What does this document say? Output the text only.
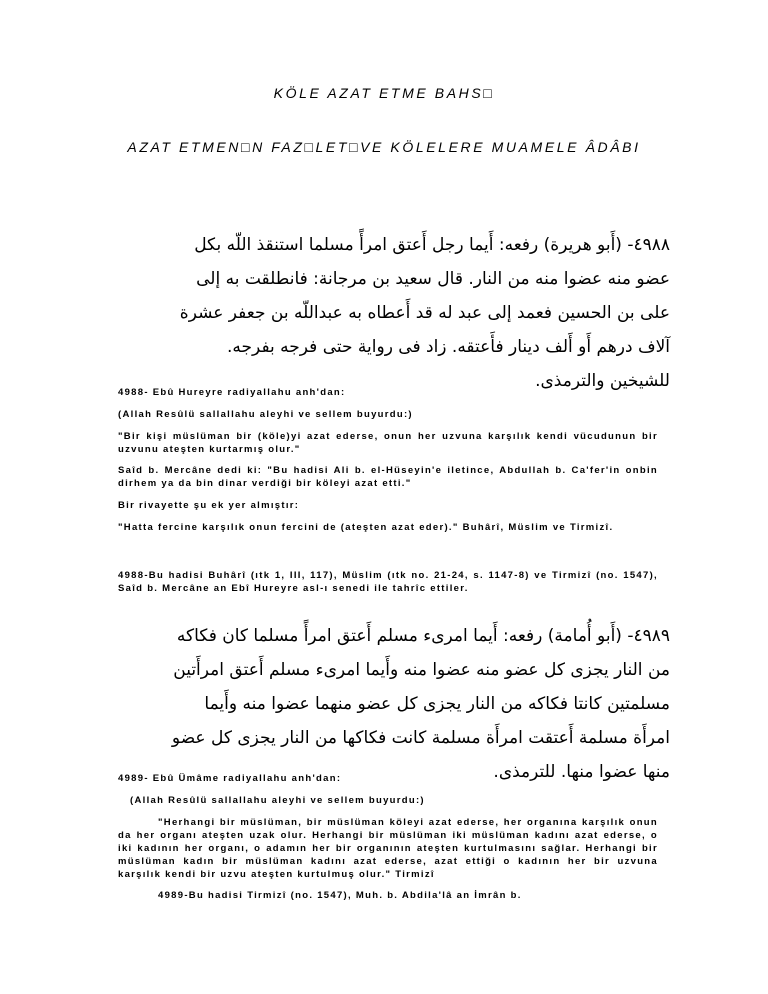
KÖLE AZAT ETME BAHS□
AZAT ETMEN□N FAZ□LET□VE KÖLELERE MUAMELE ÂDÂBI
٤٩٨٨- (أَبو هريرة) رفعه: أَيما رجل أَعتق امرأً مسلما استنقذ اللّه بكل
عضو منه عضوا منه من النار. قال سعيد بن مرجانة: فانطلقت به إلى
على بن الحسين فعمد إلى عبد له قد أَعطاه به عبداللّه بن جعفر عشرة
آلاف درهم أَو أَلف دينار فأَعتقه. زاد فى رواية حتى فرجه بفرجه.
للشيخين والترمذى.

4988- Ebû Hureyre radiyallahu anh'dan:

(Allah Resûlü sallallahu aleyhi ve sellem buyurdu:)

"Bir kişi müslüman bir (köle)yi azat ederse, onun her uzvuna karşılık kendi vücudunun bir uzvunu ateşten kurtarmış olur."

Saîd b. Mercâne dedi ki: "Bu hadisi Ali b. el-Hüseyin'e iletince, Abdullah b. Ca'fer'in onbin dirhem ya da bin dinar verdiği bir köleyi azat etti."

Bir rivayette şu ek yer almıştır:

"Hatta fercine karşılık onun fercini de (ateşten azat eder)." Buhârî, Müslim ve Tirmizî.

4988-Bu hadisi Buhârî (ıtk 1, III, 117), Müslim (ıtk no. 21-24, s. 1147-8) ve Tirmizî (no. 1547), Saîd b. Mercâne an Ebî Hureyre asl-ı senedi ile tahrîc ettiler.
٤٩٨٩- (أَبو أُمامة) رفعه: أَيما امرىء مسلم أَعتق امرأً مسلما كان فكاكه
من النار يجزى كل عضو منه عضوا منه وأَيما امرىء مسلم أَعتق امرأَتين
مسلمتين كانتا فكاكه من النار يجزى كل عضو منهما عضوا منه وأَيما
امرأَة مسلمة أَعتقت امرأَة مسلمة كانت فكاكها من النار يجزى كل عضو
منها عضوا منها. للترمذى.

4989- Ebû Ümâme radiyallahu anh'dan:

(Allah Resûlü sallallahu aleyhi ve sellem buyurdu:)

"Herhangi bir müslüman, bir müslüman köleyi azat ederse, her organına karşılık onun da her organı ateşten uzak olur. Herhangi bir müslüman iki müslüman kadını azat ederse, o iki kadının her organı, o adamın her bir organının ateşten kurtulmasını sağlar. Herhangi bir müslüman kadın bir müslüman kadını azat ederse, azat ettiği o kadının her bir uzvuna karşılık kendi bir uzvu ateşten kurtulmuş olur." Tirmizî

4989-Bu hadisi Tirmizî (no. 1547), Muh. b. Abdila'lâ an İmrân b.
